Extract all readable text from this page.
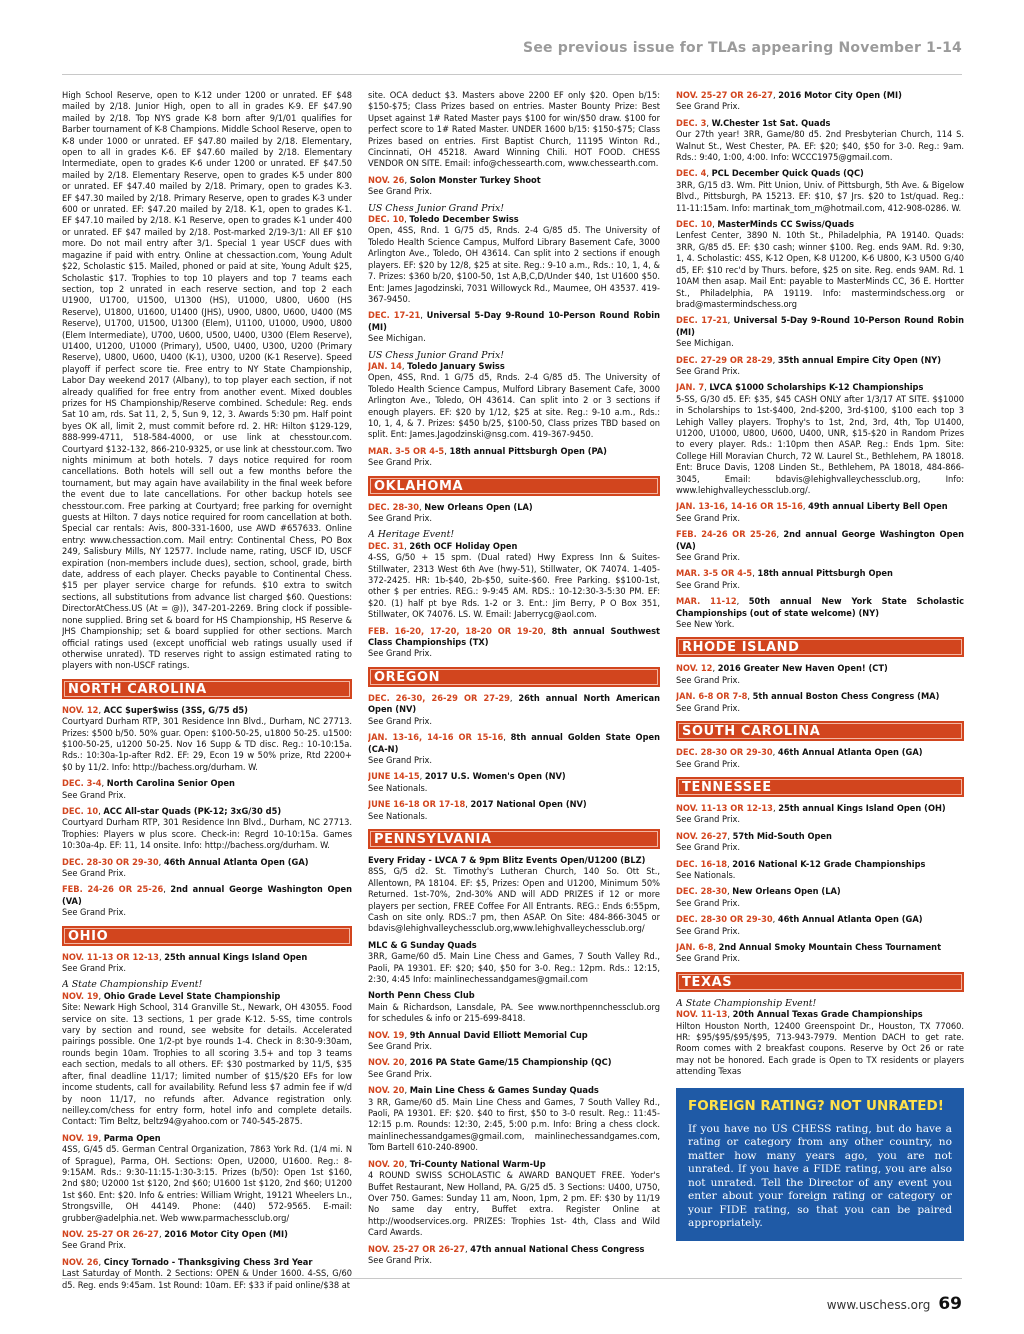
See previous issue for TLAs appearing November 1-14

High School Reserve, open to K-12 under 1200 or unrated. EF $48 mailed by 2/18. Junior High, open to all in grades K-9. EF $47.90 mailed by 2/18. Top NYS grade K-8 born after 9/1/01 qualifies for Barber tournament of K-8 Champions. Middle School Reserve, open to K-8 under 1000 or unrated. EF $47.80 mailed by 2/18. Elementary, open to all in grades K-6. EF $47.60 mailed by 2/18. Elementary Intermediate, open to grades K-6 under 1200 or unrated. EF $47.50 mailed by 2/18. Elementary Reserve, open to grades K-5 under 800 or unrated. EF $47.40 mailed by 2/18. Primary, open to grades K-3. EF $47.30 mailed by 2/18. Primary Reserve, open to grades K-3 under 600 or unrated. EF: $47.20 mailed by 2/18. K-1, open to grades K-1. EF $47.10 mailed by 2/18. K-1 Reserve, open to grades K-1 under 400 or unrated. EF $47 mailed by 2/18. Post-marked 2/19-3/1: All EF $10 more. Do not mail entry after 3/1. Special 1 year USCF dues with magazine if paid with entry. Online at chessaction.com, Young Adult $22, Scholastic $15. Mailed, phoned or paid at site, Young Adult $25, Scholastic $17. Trophies to top 10 players and top 7 teams each section, top 2 unrated in each reserve section, and top 2 each U1900, U1700, U1500, U1300 (HS), U1000, U800, U600 (HS Reserve), U1800, U1600, U1400 (JHS), U900, U800, U600, U400 (MS Reserve), U1700, U1500, U1300 (Elem), U1100, U1000, U900, U800 (Elem Intermediate), U700, U600, U500, U400, U300 (Elem Reserve), U1400, U1200, U1000 (Primary), U500, U400, U300, U200 (Primary Reserve), U800, U600, U400 (K-1), U300, U200 (K-1 Reserve). Speed playoff if perfect score tie. Free entry to NY State Championship, Labor Day weekend 2017 (Albany), to top player each section, if not already qualified for free entry from another event. Mixed doubles prizes for HS Championship/Reserve combined. Schedule: Reg. ends Sat 10 am, rds. Sat 11, 2, 5, Sun 9, 12, 3. Awards 5:30 pm. Half point byes OK all, limit 2, must commit before rd. 2. HR: Hilton $129-129, 888-999-4711, 518-584-4000, or use link at chesstour.com. Courtyard $132-132, 866-210-9325, or use link at chesstour.com. Two nights minimum at both hotels. 7 days notice required for room cancellations. Both hotels will sell out a few months before the tournament, but may again have availability in the final week before the event due to late cancellations. For other backup hotels see chesstour.com. Free parking at Courtyard; free parking for overnight guests at Hilton. 7 days notice required for room cancellation at both. Special car rentals: Avis, 800-331-1600, use AWD #657633. Online entry: www.chessaction.com. Mail entry: Continental Chess, PO Box 249, Salisbury Mills, NY 12577. Include name, rating, USCF ID, USCF expiration (non-members include dues), section, school, grade, birth date, address of each player. Checks payable to Continental Chess. $15 per player service charge for refunds. $10 extra to switch sections, all substitutions from advance list charged $60. Questions: DirectorAtChess.US (At = @)), 347-201-2269. Bring clock if possible- none supplied. Bring set & board for HS Championship, HS Reserve & JHS Championship; set & board supplied for other sections. March official ratings used (except unofficial web ratings usually used if otherwise unrated). TD reserves right to assign estimated rating to players with non-USCF ratings.

NORTH CAROLINA

NOV. 12, ACC $uper$wiss (3SS, G/75 d5)

Courtyard Durham RTP, 301 Residence Inn Blvd., Durham, NC 27713. Prizes: $500 b/50. 50% guar. Open: $100-50-25, u1800 50-25. u1500: $100-50-25, u1200 50-25. Nov 16 Supp & TD disc. Reg.: 10-10:15a. Rds.: 10:30a-1p-after Rd2. EF: 29, Econ 19 w 50% prize, Rtd 2200+ $0 by 11/2. Info: http://bachess.org/durham. W.

DEC. 3-4, North Carolina Senior Open

See Grand Prix.

DEC. 10, ACC All-star Quads (PK-12; 3xG/30 d5)

Courtyard Durham RTP, 301 Residence Inn Blvd., Durham, NC 27713. Trophies: Players w plus score. Check-in: Regrd 10-10:15a. Games 10:30a-4p. EF: 11, 14 onsite. Info: http://bachess.org/durham. W.

DEC. 28-30 OR 29-30, 46th Annual Atlanta Open (GA)

See Grand Prix.

FEB. 24-26 OR 25-26, 2nd annual George Washington Open (VA)

See Grand Prix.

OHIO

NOV. 11-13 OR 12-13, 25th annual Kings Island Open

See Grand Prix.

A State Championship Event!

NOV. 19, Ohio Grade Level State Championship

Site: Newark High School, 314 Granville St., Newark, OH 43055. Food service on site. 13 sections, 1 per grade K-12. 5-SS, time controls vary by section and round, see website for details. Accelerated pairings possible. One 1/2-pt bye rounds 1-4. Check in 8:30-9:30am, rounds begin 10am. Trophies to all scoring 3.5+ and top 3 teams each section, medals to all others. EF: $30 postmarked by 11/5, $35 after, final deadline 11/17; limited number of $15/$20 EFs for low income students, call for availability. Refund less $7 admin fee if w/d by noon 11/17, no refunds after. Advance registration only. neilley.com/chess for entry form, hotel info and complete details. Contact: Tim Beltz, beltz94@yahoo.com or 740-545-2875.

NOV. 19, Parma Open

4SS, G/45 d5. German Central Organization, 7863 York Rd. (1/4 mi. N of Sprague), Parma, OH. Sections: Open, U2000, U1600. Reg.: 8-9:15AM. Rds.: 9:30-11:15-1:30-3:15. Prizes (b/50): Open 1st $160, 2nd $80; U2000 1st $120, 2nd $60; U1600 1st $120, 2nd $60; U1200 1st $60. Ent: $20. Info & entries: William Wright, 19121 Wheelers Ln., Strongsville, OH 44149. Phone: (440) 572-9565. E-mail: grubber@adelphia.net. Web www.parmachessclub.org/

NOV. 25-27 OR 26-27, 2016 Motor City Open (MI)

See Grand Prix.

NOV. 26, Cincy Tornado - Thanksgiving Chess 3rd Year

Last Saturday of Month. 2 Sections: OPEN & Under 1600. 4-SS, G/60 d5. Reg. ends 9:45am. 1st Round: 10am. EF: $33 if paid online/$38 at

site. OCA deduct $3. Masters above 2200 EF only $20. Open b/15: $150-$75; Class Prizes based on entries. Master Bounty Prize: Best Upset against 1# Rated Master pays $100 for win/$50 draw. $100 for perfect score to 1# Rated Master. UNDER 1600 b/15: $150-$75; Class Prizes based on entries. First Baptist Church, 11195 Winton Rd., Cincinnati, OH 45218. Award Winning Chili. HOT FOOD. CHESS VENDOR ON SITE. Email: info@chessearth.com, www.chessearth.com.

NOV. 26, Solon Monster Turkey Shoot

See Grand Prix.

US Chess Junior Grand Prix!

DEC. 10, Toledo December Swiss

Open, 4SS, Rnd. 1 G/75 d5, Rnds. 2-4 G/85 d5. The University of Toledo Health Science Campus, Mulford Library Basement Cafe, 3000 Arlington Ave., Toledo, OH 43614. Can split into 2 sections if enough players. EF: $20 by 12/8, $25 at site. Reg.: 9-10 a.m., Rds.: 10, 1, 4, & 7. Prizes: $360 b/20, $100-50, 1st A,B,C,D/Under $40, 1st U1600 $50. Ent: James Jagodzinski, 7031 Willowyck Rd., Maumee, OH 43537. 419-367-9450.

DEC. 17-21, Universal 5-Day 9-Round 10-Person Round Robin (MI)

See Michigan.

US Chess Junior Grand Prix!

JAN. 14, Toledo January Swiss

Open, 4SS, Rnd. 1 G/75 d5, Rnds. 2-4 G/85 d5. The University of Toledo Health Science Campus, Mulford Library Basement Cafe, 3000 Arlington Ave., Toledo, OH 43614. Can split into 2 or 3 sections if enough players. EF: $20 by 1/12, $25 at site. Reg.: 9-10 a.m., Rds.: 10, 1, 4, & 7. Prizes: $450 b/25, $100-50, Class prizes TBD based on split. Ent: James.Jagodzinski@nsg.com. 419-367-9450.

MAR. 3-5 OR 4-5, 18th annual Pittsburgh Open (PA)

See Grand Prix.

OKLAHOMA

DEC. 28-30, New Orleans Open (LA)

See Grand Prix.

A Heritage Event!

DEC. 31, 26th OCF Holiday Open

4-SS, G/50 + 15 spm. (Dual rated) Hwy Express Inn & Suites-Stillwater, 2313 West 6th Ave (hwy-51), Stillwater, OK 74074. 1-405-372-2425. HR: 1b-$40, 2b-$50, suite-$60. Free Parking. $$100-1st, other $ per entries. REG.: 9-9:45 AM. RDS.: 10-12:30-3-5:30 PM. EF: $20. (1) half pt bye Rds. 1-2 or 3. Ent.: Jim Berry, P O Box 351, Stillwater, OK 74076. LS. W. Email: Jaberrycg@aol.com.

FEB. 16-20, 17-20, 18-20 OR 19-20, 8th annual Southwest Class Championships (TX)

See Grand Prix.

OREGON

DEC. 26-30, 26-29 OR 27-29, 26th annual North American Open (NV)

See Grand Prix.

JAN. 13-16, 14-16 OR 15-16, 8th annual Golden State Open (CA-N)

See Grand Prix.

JUNE 14-15, 2017 U.S. Women's Open (NV)

See Nationals.

JUNE 16-18 OR 17-18, 2017 National Open (NV)

See Nationals.

PENNSYLVANIA

Every Friday - LVCA 7 & 9pm Blitz Events Open/U1200 (BLZ)

8SS, G/5 d2. St. Timothy's Lutheran Church, 140 So. Ott St., Allentown, PA 18104. EF: $5, Prizes: Open and U1200, Minimum 50% Returned. 1st-70%, 2nd-30% AND will ADD PRIZES if 12 or more players per section, FREE Coffee For All Entrants. REG.: Ends 6:55pm, Cash on site only. RDS.:7 pm, then ASAP. On Site: 484-866-3045 or bdavis@lehighvalleychessclub.org,www.lehighvalleychessclub.org/

MLC & G Sunday Quads

3RR, Game/60 d5. Main Line Chess and Games, 7 South Valley Rd., Paoli, PA 19301. EF: $20; $40, $50 for 3-0. Reg.: 12pm. Rds.: 12:15, 2:30, 4:45 Info: mainlinechessandgames@gmail.com

North Penn Chess Club

Main & Richardson, Lansdale, PA. See www.northpennchessclub.org for schedules & info or 215-699-8418.

NOV. 19, 9th Annual David Elliott Memorial Cup

See Grand Prix.

NOV. 20, 2016 PA State Game/15 Championship (QC)

See Grand Prix.

NOV. 20, Main Line Chess & Games Sunday Quads

3 RR, Game/60 d5. Main Line Chess and Games, 7 South Valley Rd., Paoli, PA 19301. EF: $20. $40 to first, $50 to 3-0 result. Reg.: 11:45-12:15 p.m. Rounds: 12:30, 2:45, 5:00 p.m. Info: Bring a chess clock. mainlinechessandgames@gmail.com, mainlinechessandgames.com, Tom Bartell 610-240-8900.

NOV. 20, Tri-County National Warm-Up

4 ROUND SWISS SCHOLASTIC & AWARD BANQUET FREE. Yoder's Buffet Restaurant, New Holland, PA. G/25 d5. 3 Sections: U400, U750, Over 750. Games: Sunday 11 am, Noon, 1pm, 2 pm. EF: $30 by 11/19 No same day entry, Buffet extra. Register Online at http://woodservices.org. PRIZES: Trophies 1st- 4th, Class and Wild Card Awards.

NOV. 25-27 OR 26-27, 47th annual National Chess Congress

See Grand Prix.

NOV. 25-27 OR 26-27, 2016 Motor City Open (MI)

See Grand Prix.

DEC. 3, W.Chester 1st Sat. Quads

Our 27th year! 3RR, Game/80 d5. 2nd Presbyterian Church, 114 S. Walnut St., West Chester, PA. EF: $20; $40, $50 for 3-0. Reg.: 9am. Rds.: 9:40, 1:00, 4:00. Info: WCCC1975@gmail.com.

DEC. 4, PCL December Quick Quads (QC)

3RR, G/15 d3. Wm. Pitt Union, Univ. of Pittsburgh, 5th Ave. & Bigelow Blvd., Pittsburgh, PA 15213. EF: $10, $7 Jrs. $20 to 1st/quad. Reg.: 11-11:15am. Info: martinak_tom_m@hotmail.com, 412-908-0286. W.

DEC. 10, MasterMinds CC Swiss/Quads

Lenfest Center, 3890 N. 10th St., Philadelphia, PA 19140. Quads: 3RR, G/85 d5. EF: $30 cash; winner $100. Reg. ends 9AM. Rd. 9:30, 1, 4. Scholastic: 4SS, K-12 Open, K-8 U1200, K-6 U800, K-3 U500 G/40 d5, EF: $10 rec'd by Thurs. before, $25 on site. Reg. ends 9AM. Rd. 1 10AM then asap. Mail Ent: payable to MasterMinds CC, 36 E. Hortter St., Philadelphia, PA 19119. Info: mastermindschess.org or brad@mastermindschess.org

DEC. 17-21, Universal 5-Day 9-Round 10-Person Round Robin (MI)

See Michigan.

DEC. 27-29 OR 28-29, 35th annual Empire City Open (NY)

See Grand Prix.

JAN. 7, LVCA $1000 Scholarships K-12 Championships

5-SS, G/30 d5. EF: $35, $45 CASH ONLY after 1/3/17 AT SITE. $$1000 in Scholarships to 1st-$400, 2nd-$200, 3rd-$100, $100 each top 3 Lehigh Valley players. Trophy's to 1st, 2nd, 3rd, 4th, Top U1400, U1200, U1000, U800, U600, U400, UNR, $15-$20 in Random Prizes to every player. Rds.: 1:10pm then ASAP. Reg.: Ends 1pm. Site: College Hill Moravian Church, 72 W. Laurel St., Bethlehem, PA 18018. Ent: Bruce Davis, 1208 Linden St., Bethlehem, PA 18018, 484-866-3045, Email: bdavis@lehighvalleychessclub.org, Info: www.lehighvalleychessclub.org/.

JAN. 13-16, 14-16 OR 15-16, 49th annual Liberty Bell Open

See Grand Prix.

FEB. 24-26 OR 25-26, 2nd annual George Washington Open (VA)

See Grand Prix.

MAR. 3-5 OR 4-5, 18th annual Pittsburgh Open

See Grand Prix.

MAR. 11-12, 50th annual New York State Scholastic Championships (out of state welcome) (NY)

See New York.

RHODE ISLAND

NOV. 12, 2016 Greater New Haven Open! (CT)

See Grand Prix.

JAN. 6-8 OR 7-8, 5th annual Boston Chess Congress (MA)

See Grand Prix.

SOUTH CAROLINA

DEC. 28-30 OR 29-30, 46th Annual Atlanta Open (GA)

See Grand Prix.

TENNESSEE

NOV. 11-13 OR 12-13, 25th annual Kings Island Open (OH)

See Grand Prix.

NOV. 26-27, 57th Mid-South Open

See Grand Prix.

DEC. 16-18, 2016 National K-12 Grade Championships

See Nationals.

DEC. 28-30, New Orleans Open (LA)

See Grand Prix.

DEC. 28-30 OR 29-30, 46th Annual Atlanta Open (GA)

See Grand Prix.

JAN. 6-8, 2nd Annual Smoky Mountain Chess Tournament

See Grand Prix.

TEXAS
A State Championship Event!

NOV. 11-13, 20th Annual Texas Grade Championships

Hilton Houston North, 12400 Greenspoint Dr., Houston, TX 77060. HR: $95/$95/$95/$95, 713-943-7979. Mention DACH to get rate. Room comes with 2 breakfast coupons. Reserve by Oct 26 or rate may not be honored. Each grade is Open to TX residents or players attending Texas

FOREIGN RATING? NOT UNRATED!
If you have no US CHESS rating, but do have a rating or category from any other country, no matter how many years ago, you are not unrated. If you have a FIDE rating, you are also not unrated. Tell the Director of any event you enter about your foreign rating or category or your FIDE rating, so that you can be paired appropriately.
www.uschess.org 69
